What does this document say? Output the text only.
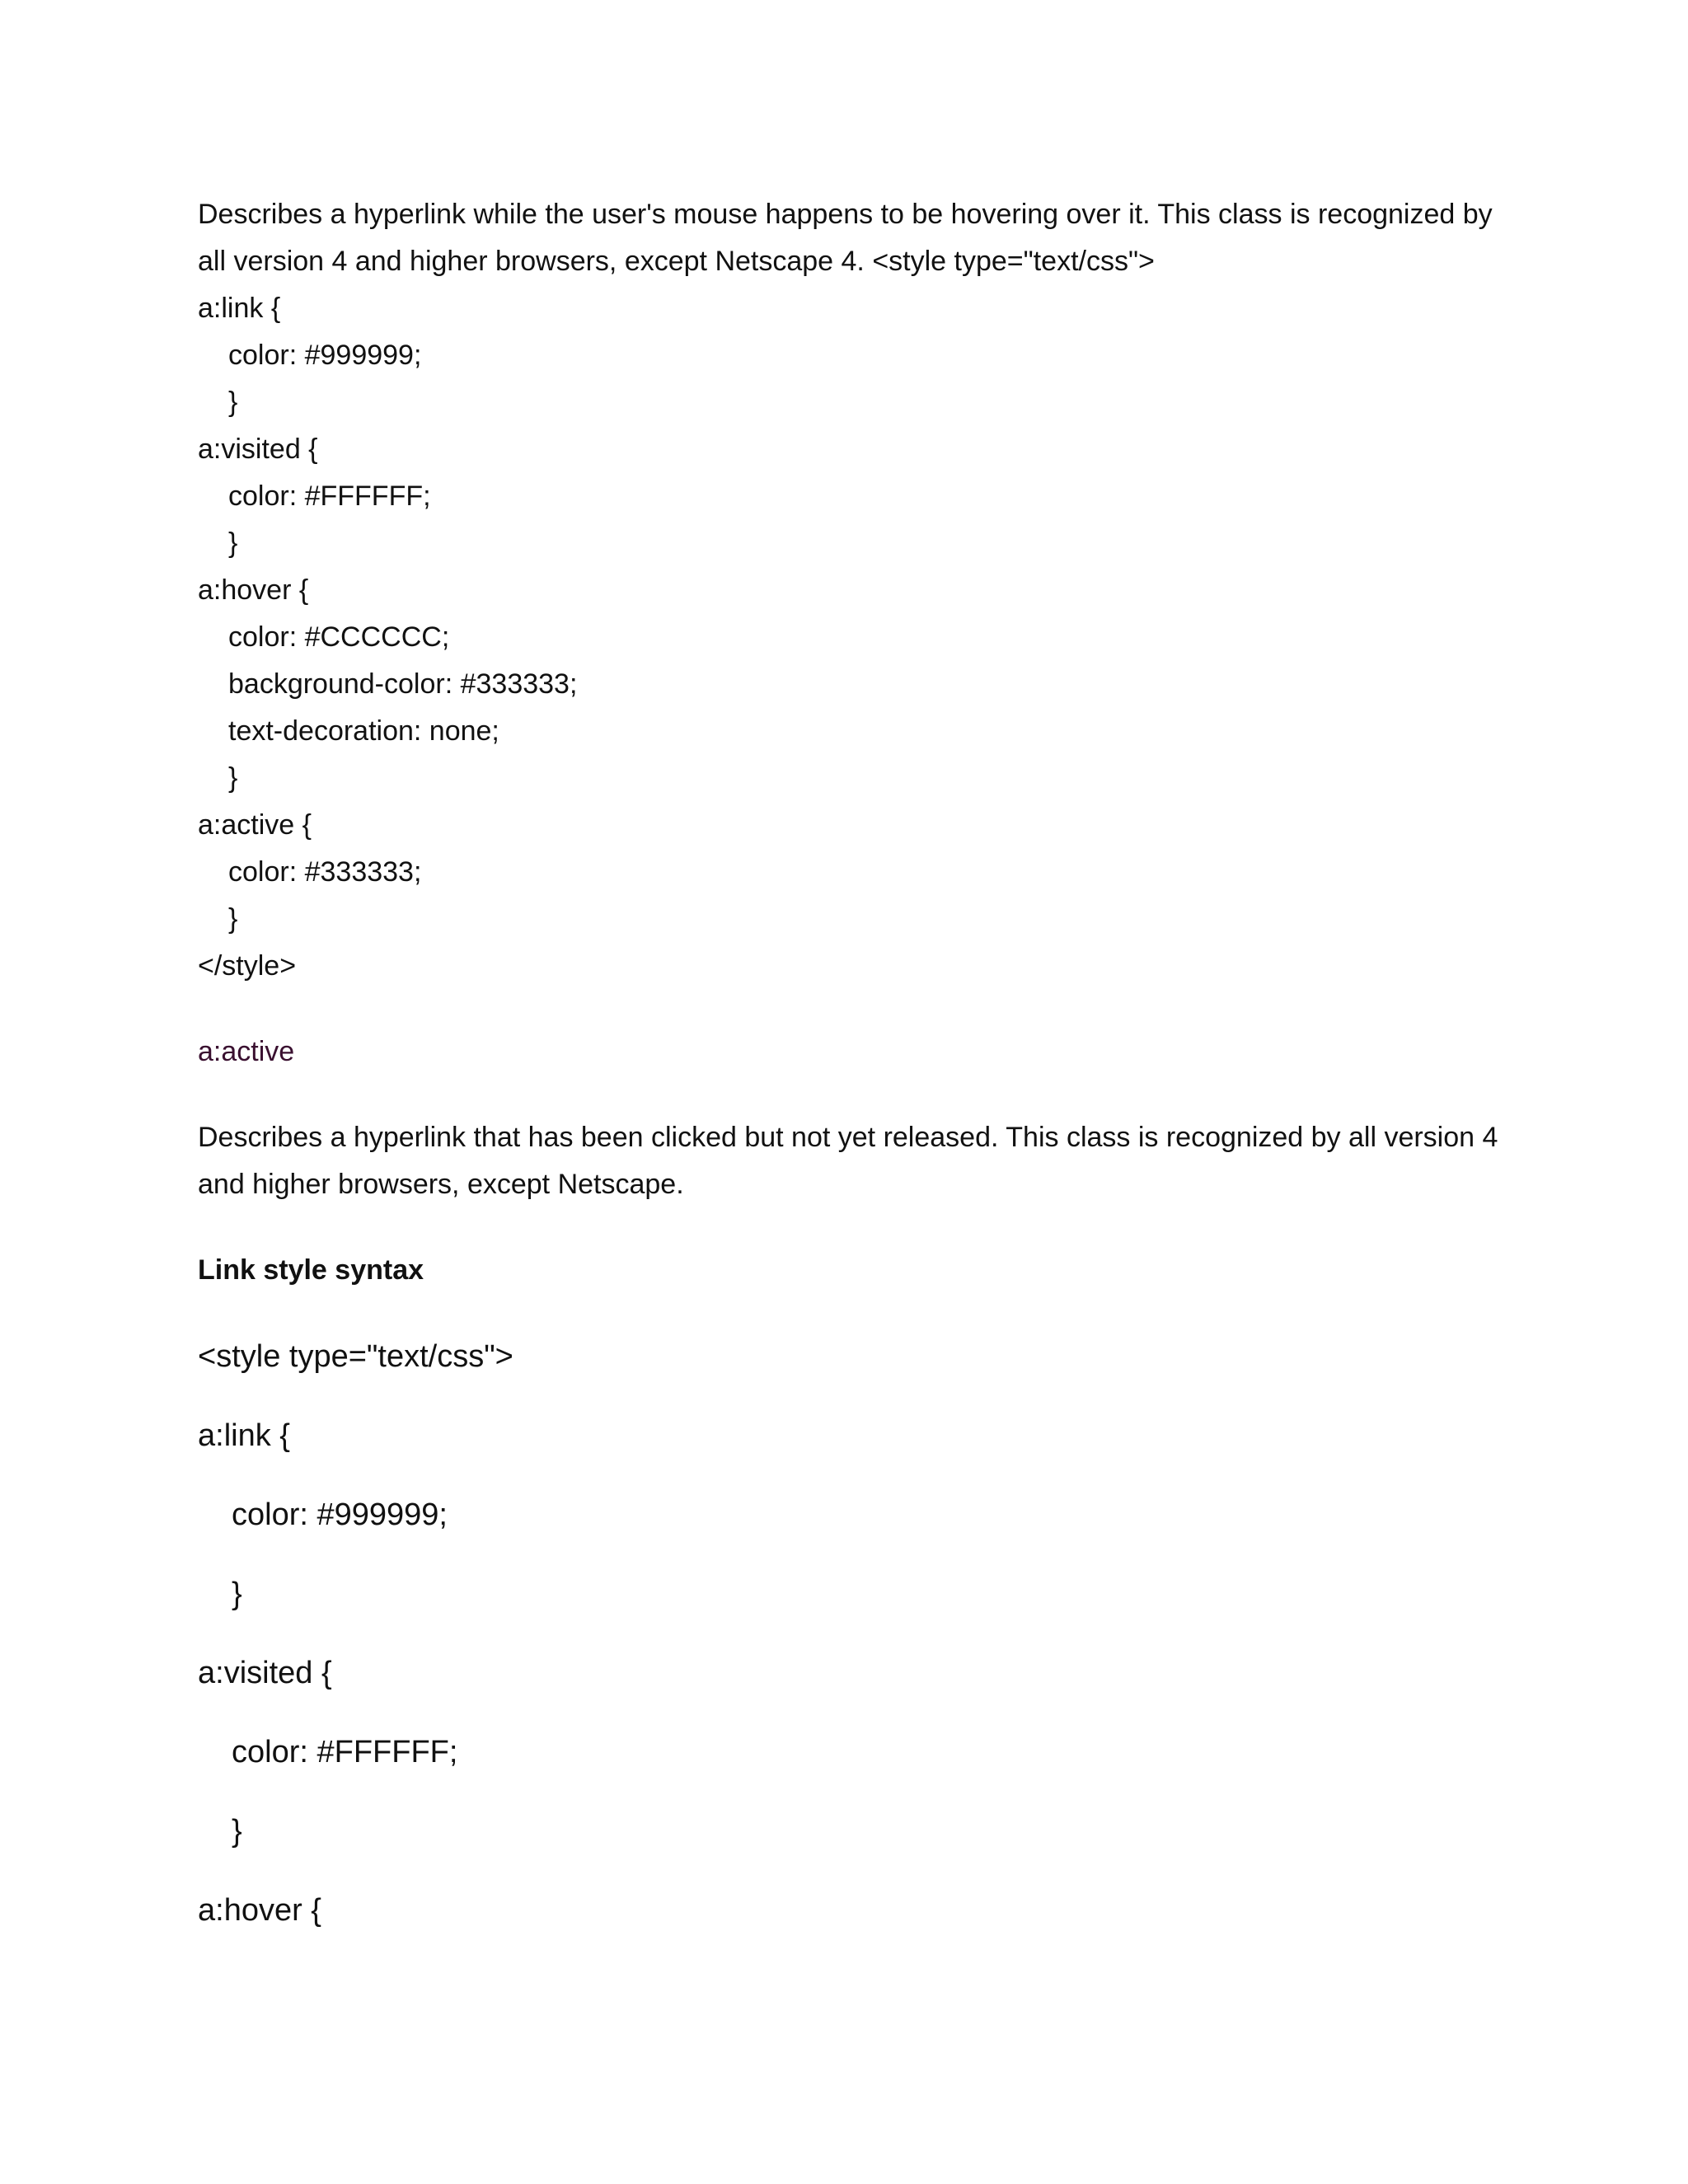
Describes a hyperlink while the user's mouse happens to be hovering over it. This class is recognized by
all version 4 and higher browsers, except Netscape 4. <style type="text/css">
a:link {
color: #999999;
}
a:visited {
color: #FFFFFF;
}
a:hover {
color: #CCCCCC;
background-color: #333333;
text-decoration: none;
}
a:active {
color: #333333;
}
</style>
a:active
Describes a hyperlink that has been clicked but not yet released. This class is recognized by all version 4
and higher browsers, except Netscape.
Link style syntax
<style type="text/css">
a:link {
color: #999999;
}
a:visited {
color: #FFFFFF;
}
a:hover {
